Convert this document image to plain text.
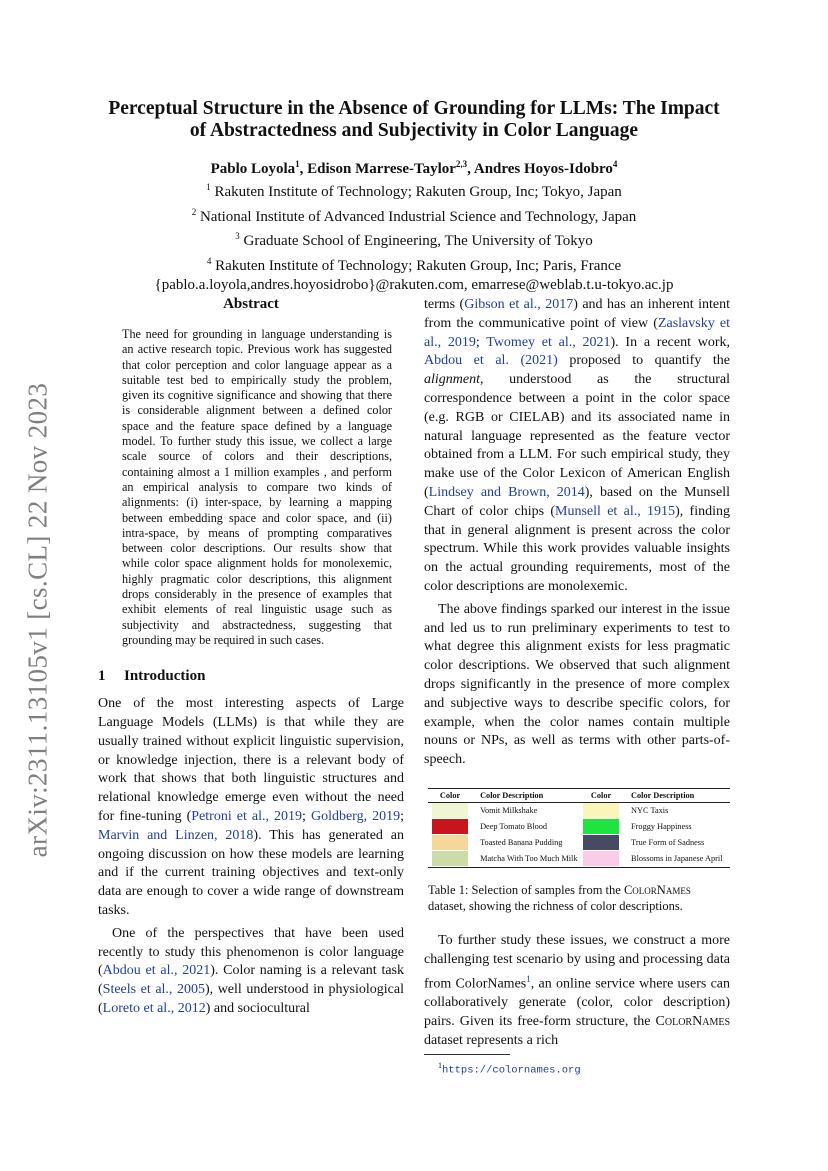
arXiv:2311.13105v1 [cs.CL] 22 Nov 2023
Perceptual Structure in the Absence of Grounding for LLMs: The Impact
of Abstractedness and Subjectivity in Color Language
Pablo Loyola$^1$, Edison Marrese-Taylor$^{2,3}$, Andres Hoyos-Idobro$^4$
$^1$ Rakuten Institute of Technology; Rakuten Group, Inc; Tokyo, Japan
$^2$ National Institute of Advanced Industrial Science and Technology, Japan
$^3$ Graduate School of Engineering, The University of Tokyo
$^4$ Rakuten Institute of Technology; Rakuten Group, Inc; Paris, France
{pablo.a.loyola,andres.hoyosidrobo}@rakuten.com, emarrese@weblab.t.u-tokyo.ac.jp
Abstract

The need for grounding in language understanding is an active research topic. Previous work has suggested that color perception and color language appear as a suitable test bed to empirically study the problem, given its cognitive significance and showing that there is considerable alignment between a defined color space and the feature space defined by a language model. To further study this issue, we collect a large scale source of colors and their descriptions, containing almost a 1 million examples , and perform an empirical analysis to compare two kinds of alignments: (i) inter-space, by learning a mapping between embedding space and color space, and (ii) intra-space, by means of prompting comparatives between color descriptions. Our results show that while color space alignment holds for monolexemic, highly pragmatic color descriptions, this alignment drops considerably in the presence of examples that exhibit elements of real linguistic usage such as subjectivity and abstractedness, suggesting that grounding may be required in such cases.

1 Introduction

One of the most interesting aspects of Large Language Models (LLMs) is that while they are usually trained without explicit linguistic supervision, or knowledge injection, there is a relevant body of work that shows that both linguistic structures and relational knowledge emerge even without the need for fine-tuning (Petroni et al., 2019; Goldberg, 2019; Marvin and Linzen, 2018). This has generated an ongoing discussion on how these models are learning and if the current training objectives and text-only data are enough to cover a wide range of downstream tasks.

One of the perspectives that have been used recently to study this phenomenon is color language (Abdou et al., 2021). Color naming is a relevant task (Steels et al., 2005), well understood in physiological (Loreto et al., 2012) and sociocultural

terms (Gibson et al., 2017) and has an inherent intent from the communicative point of view (Zaslavsky et al., 2019; Twomey et al., 2021). In a recent work, Abdou et al. (2021) proposed to quantify the alignment, understood as the structural correspondence between a point in the color space (e.g. RGB or CIELAB) and its associated name in natural language represented as the feature vector obtained from a LLM. For such empirical study, they make use of the Color Lexicon of American English (Lindsey and Brown, 2014), based on the Munsell Chart of color chips (Munsell et al., 1915), finding that in general alignment is present across the color spectrum. While this work provides valuable insights on the actual grounding requirements, most of the color descriptions are monolexemic.

The above findings sparked our interest in the issue and led us to run preliminary experiments to test to what degree this alignment exists for less pragmatic color descriptions. We observed that such alignment drops significantly in the presence of more complex and subjective ways to describe specific colors, for example, when the color names contain multiple nouns or NPs, as well as terms with other parts-of-speech.

Color	Color Description	Color	Color Description

	Vomit Milkshake		NYC Taxis

	Deep Tomato Blood		Froggy Happiness

	Toasted Banana Pudding		True Form of Sadness

	Matcha With Too Much Milk		Blossoms in Japanese April
Table 1: Selection of samples from the ColorNames dataset, showing the richness of color descriptions.

To further study these issues, we construct a more challenging test scenario by using and processing data from ColorNames$^1$, an online service where users can collaboratively generate (color, color description) pairs. Given its free-form structure, the ColorNames dataset represents a rich

$^1$https://colornames.org
